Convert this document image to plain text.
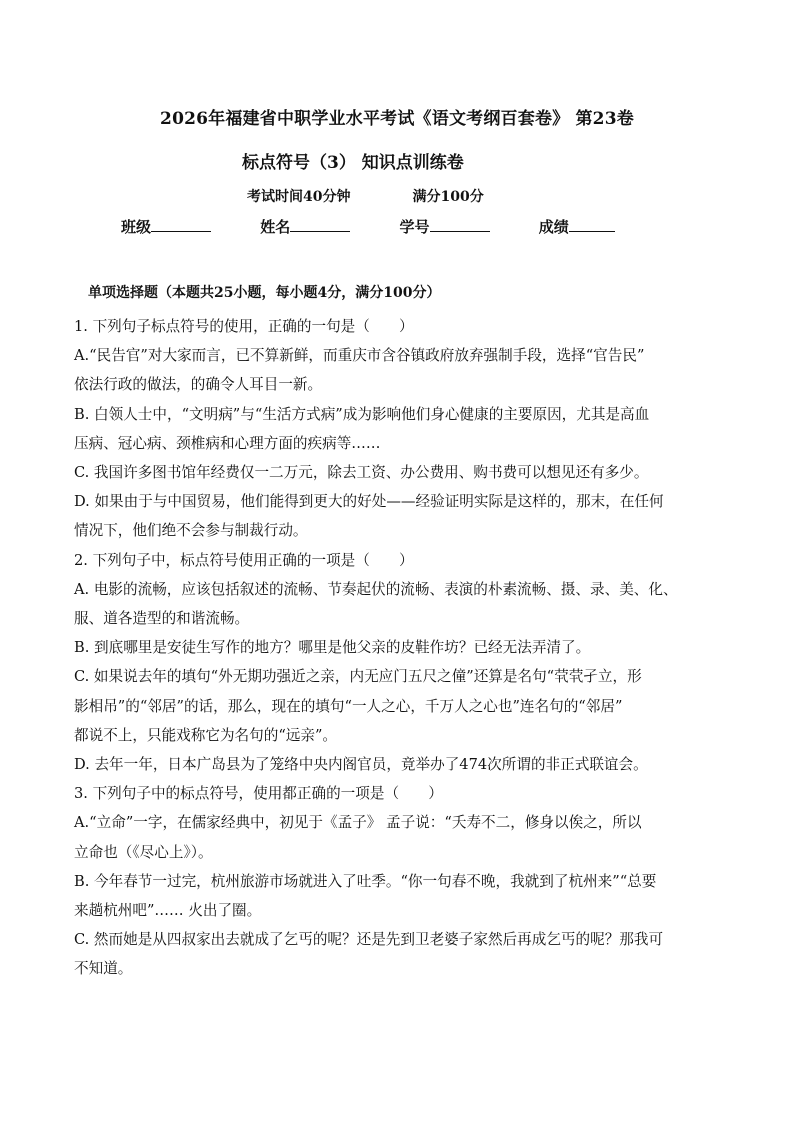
2026年福建省中职学业水平考试《语文考纲百套卷》 第23卷
标点符号（3） 知识点训练卷
考试时间40分钟	满分100分
班级	姓名	学号	成绩
单项选择题（本题共25小题，每小题4分，满分100分）

1. 下列句子标点符号的使用，正确的一句是（　　）

A.“民告官”对大家而言，已不算新鲜，而重庆市含谷镇政府放弃强制手段，选择“官告民”

依法行政的做法，的确令人耳目一新。

B. 白领人士中，“文明病”与“生活方式病”成为影响他们身心健康的主要原因，尤其是高血

压病、冠心病、颈椎病和心理方面的疾病等……

C. 我国许多图书馆年经费仅一二万元，除去工资、办公费用、购书费可以想见还有多少。

D. 如果由于与中国贸易，他们能得到更大的好处——经验证明实际是这样的，那末，在任何

情况下，他们绝不会参与制裁行动。

2. 下列句子中，标点符号使用正确的一项是（　　）

A. 电影的流畅，应该包括叙述的流畅、节奏起伏的流畅、表演的朴素流畅、摄、录、美、化、

服、道各造型的和谐流畅。

B. 到底哪里是安徒生写作的地方？哪里是他父亲的皮鞋作坊？已经无法弄清了。

C. 如果说去年的填句“外无期功强近之亲，内无应门五尺之僮”还算是名句“茕茕孑立，形

影相吊”的“邻居”的话，那么，现在的填句“一人之心，千万人之心也”连名句的“邻居”

都说不上，只能戏称它为名句的“远亲”。

D. 去年一年，日本广岛县为了笼络中央内阁官员，竟举办了474次所谓的非正式联谊会。

3. 下列句子中的标点符号，使用都正确的一项是（　　）

A.“立命”一字，在儒家经典中，初见于《孟子》 孟子说：“夭寿不二，修身以俟之，所以

立命也（《尽心上》）。

B. 今年春节一过完，杭州旅游市场就进入了吐季。“你一句春不晚，我就到了杭州来”“总要

来趟杭州吧”…… 火出了圈。

C. 然而她是从四叔家出去就成了乞丐的呢？还是先到卫老婆子家然后再成乞丐的呢？那我可

不知道。
